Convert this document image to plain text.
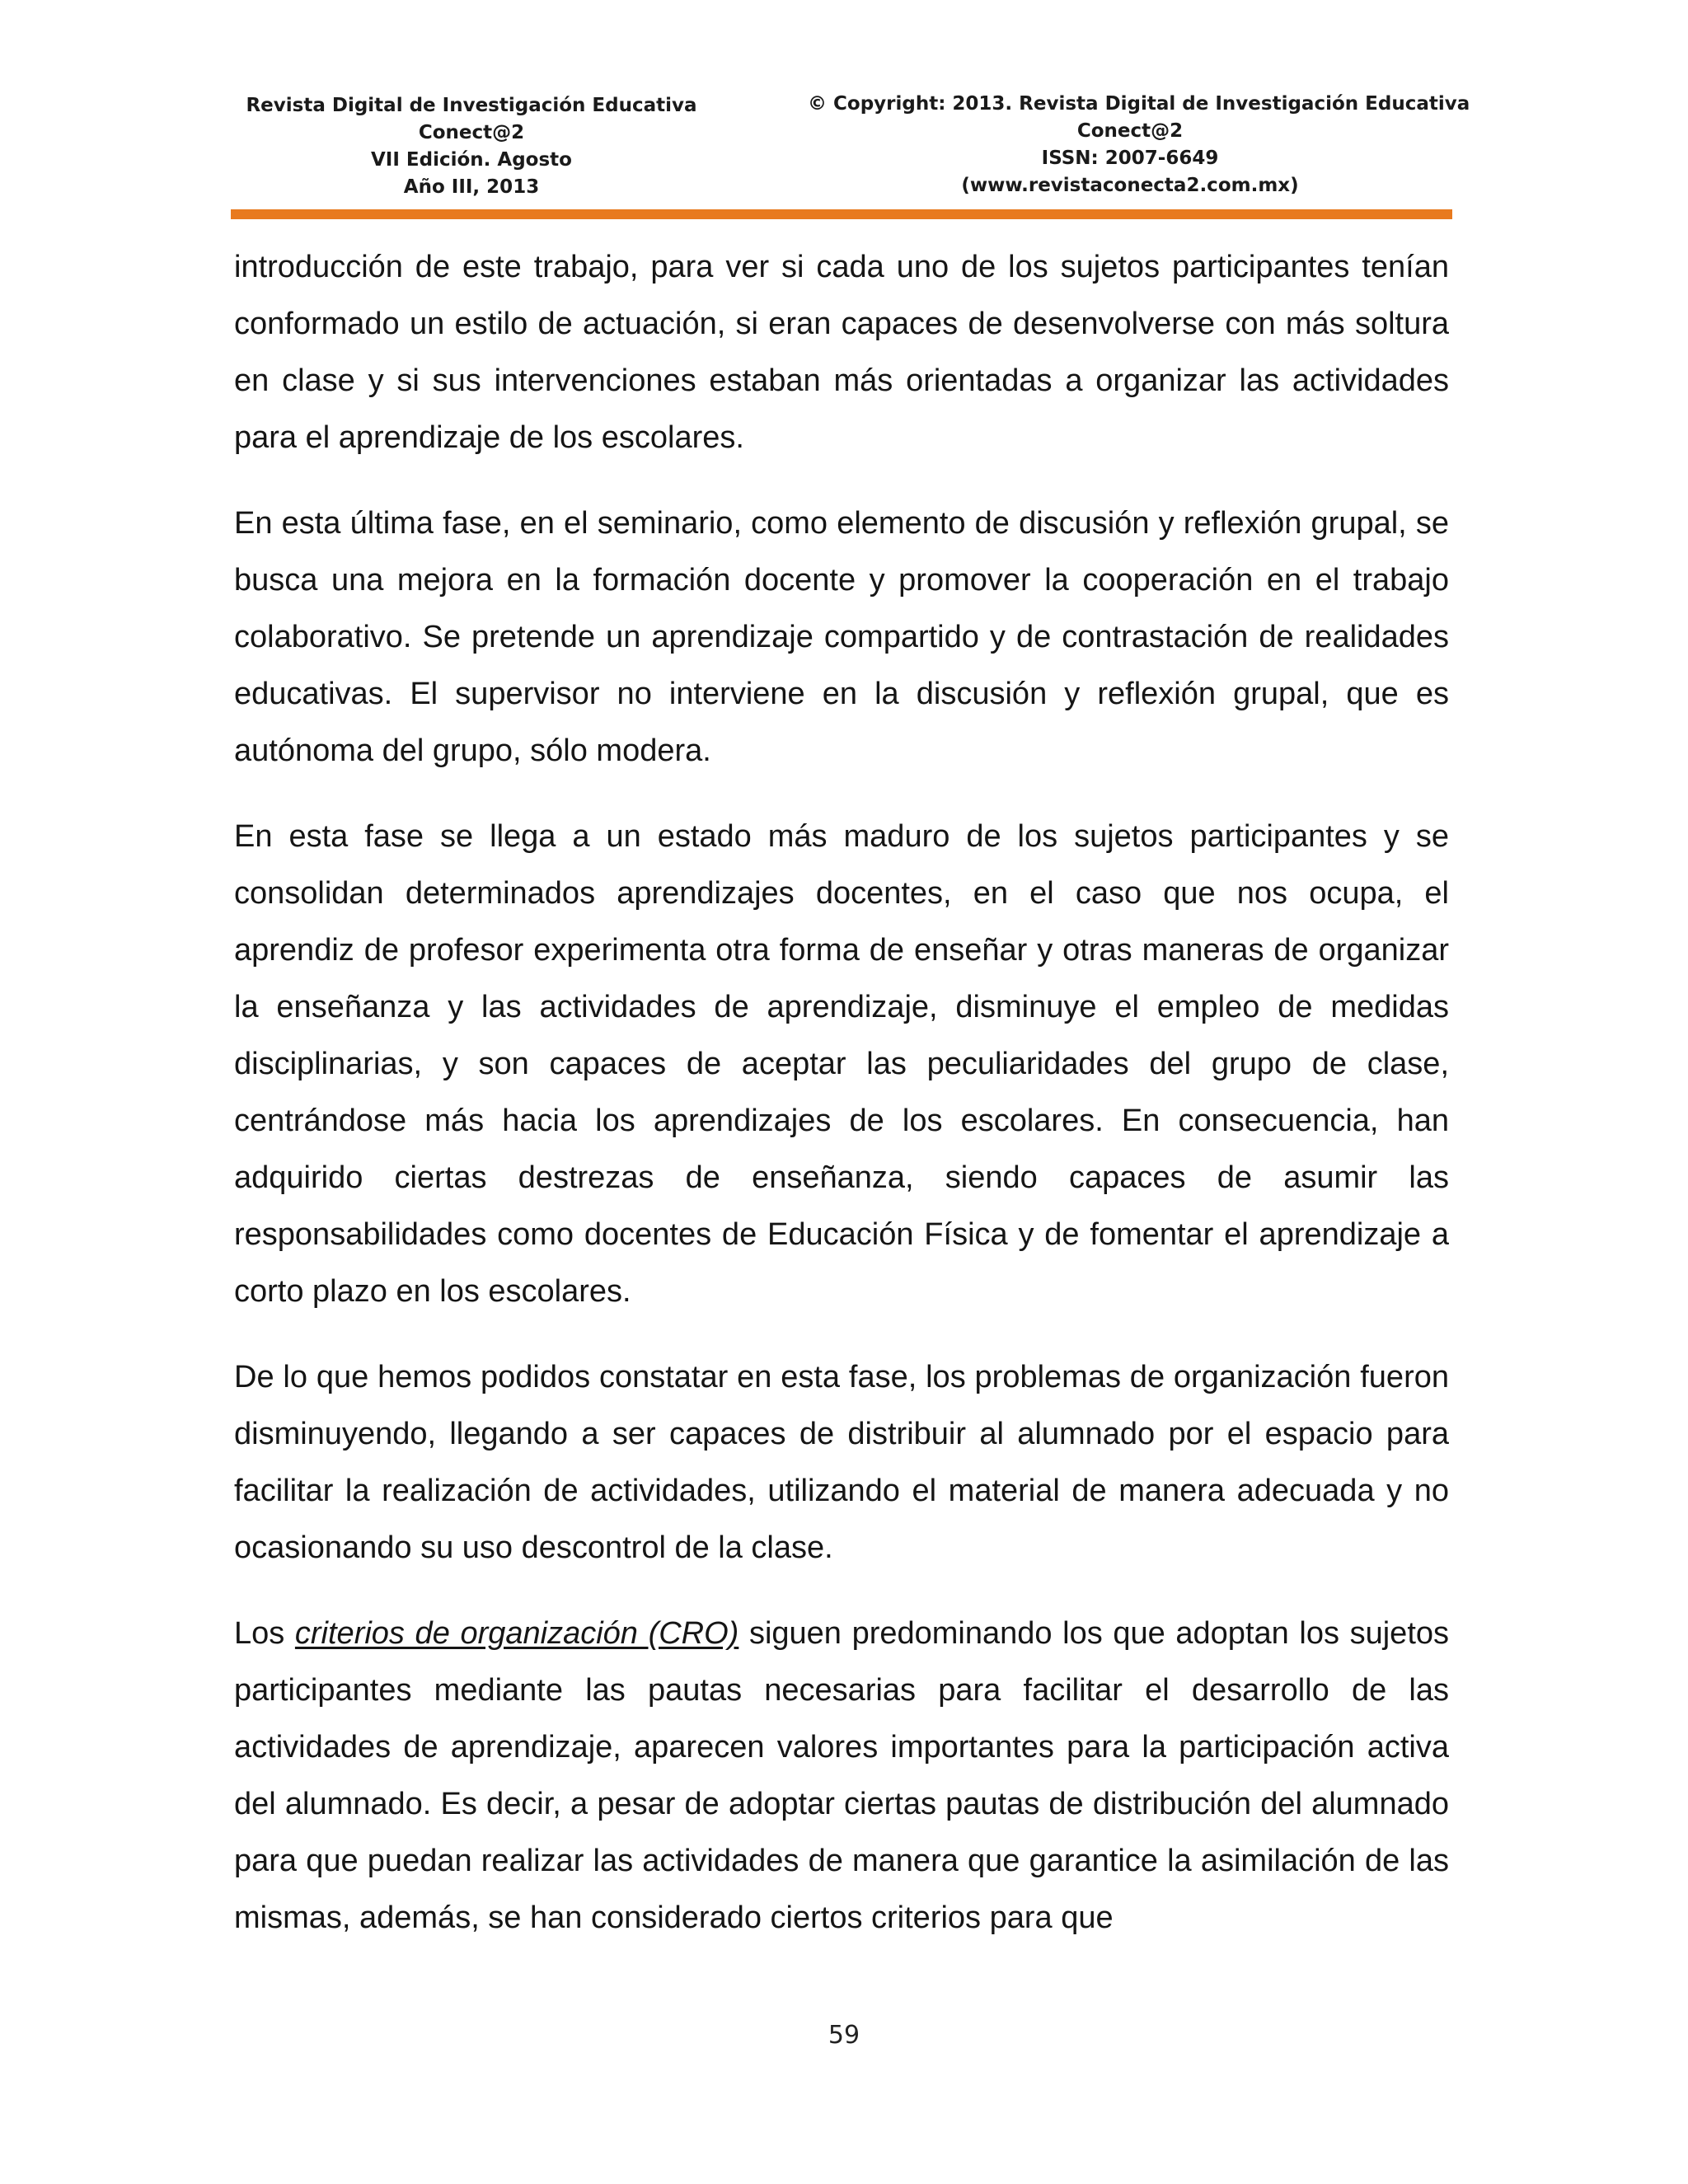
Revista Digital de Investigación Educativa
Conect@2
VII Edición. Agosto
Año III, 2013
© Copyright: 2013. Revista Digital de Investigación Educativa
Conect@2
ISSN: 2007-6649
(www.revistaconecta2.com.mx)

introducción de este trabajo, para ver si cada uno de los sujetos participantes tenían conformado un estilo de actuación, si eran capaces de desenvolverse con más soltura en clase y si sus intervenciones estaban más orientadas a organizar las actividades para el aprendizaje de los escolares.

En esta última fase, en el seminario, como elemento de discusión y reflexión grupal, se busca una mejora en la formación docente y promover la cooperación en el trabajo colaborativo. Se pretende un aprendizaje compartido y de contrastación de realidades educativas. El supervisor no interviene en la discusión y reflexión grupal, que es autónoma del grupo, sólo modera.

En esta fase se llega a un estado más maduro de los sujetos participantes y se consolidan determinados aprendizajes docentes, en el caso que nos ocupa, el aprendiz de profesor experimenta otra forma de enseñar y otras maneras de organizar la enseñanza y las actividades de aprendizaje, disminuye el empleo de medidas disciplinarias, y son capaces de aceptar las peculiaridades del grupo de clase, centrándose más hacia los aprendizajes de los escolares. En consecuencia, han adquirido ciertas destrezas de enseñanza, siendo capaces de asumir las responsabilidades como docentes de Educación Física y de fomentar el aprendizaje a corto plazo en los escolares.

De lo que hemos podidos constatar en esta fase, los problemas de organización fueron disminuyendo, llegando a ser capaces de distribuir al alumnado por el espacio para facilitar la realización de actividades, utilizando el material de manera adecuada y no ocasionando su uso descontrol de la clase.

Los criterios de organización (CRO) siguen predominando los que adoptan los sujetos participantes mediante las pautas necesarias para facilitar el desarrollo de las actividades de aprendizaje, aparecen valores importantes para la participación activa del alumnado. Es decir, a pesar de adoptar ciertas pautas de distribución del alumnado para que puedan realizar las actividades de manera que garantice la asimilación de las mismas, además, se han considerado ciertos criterios para que

59
